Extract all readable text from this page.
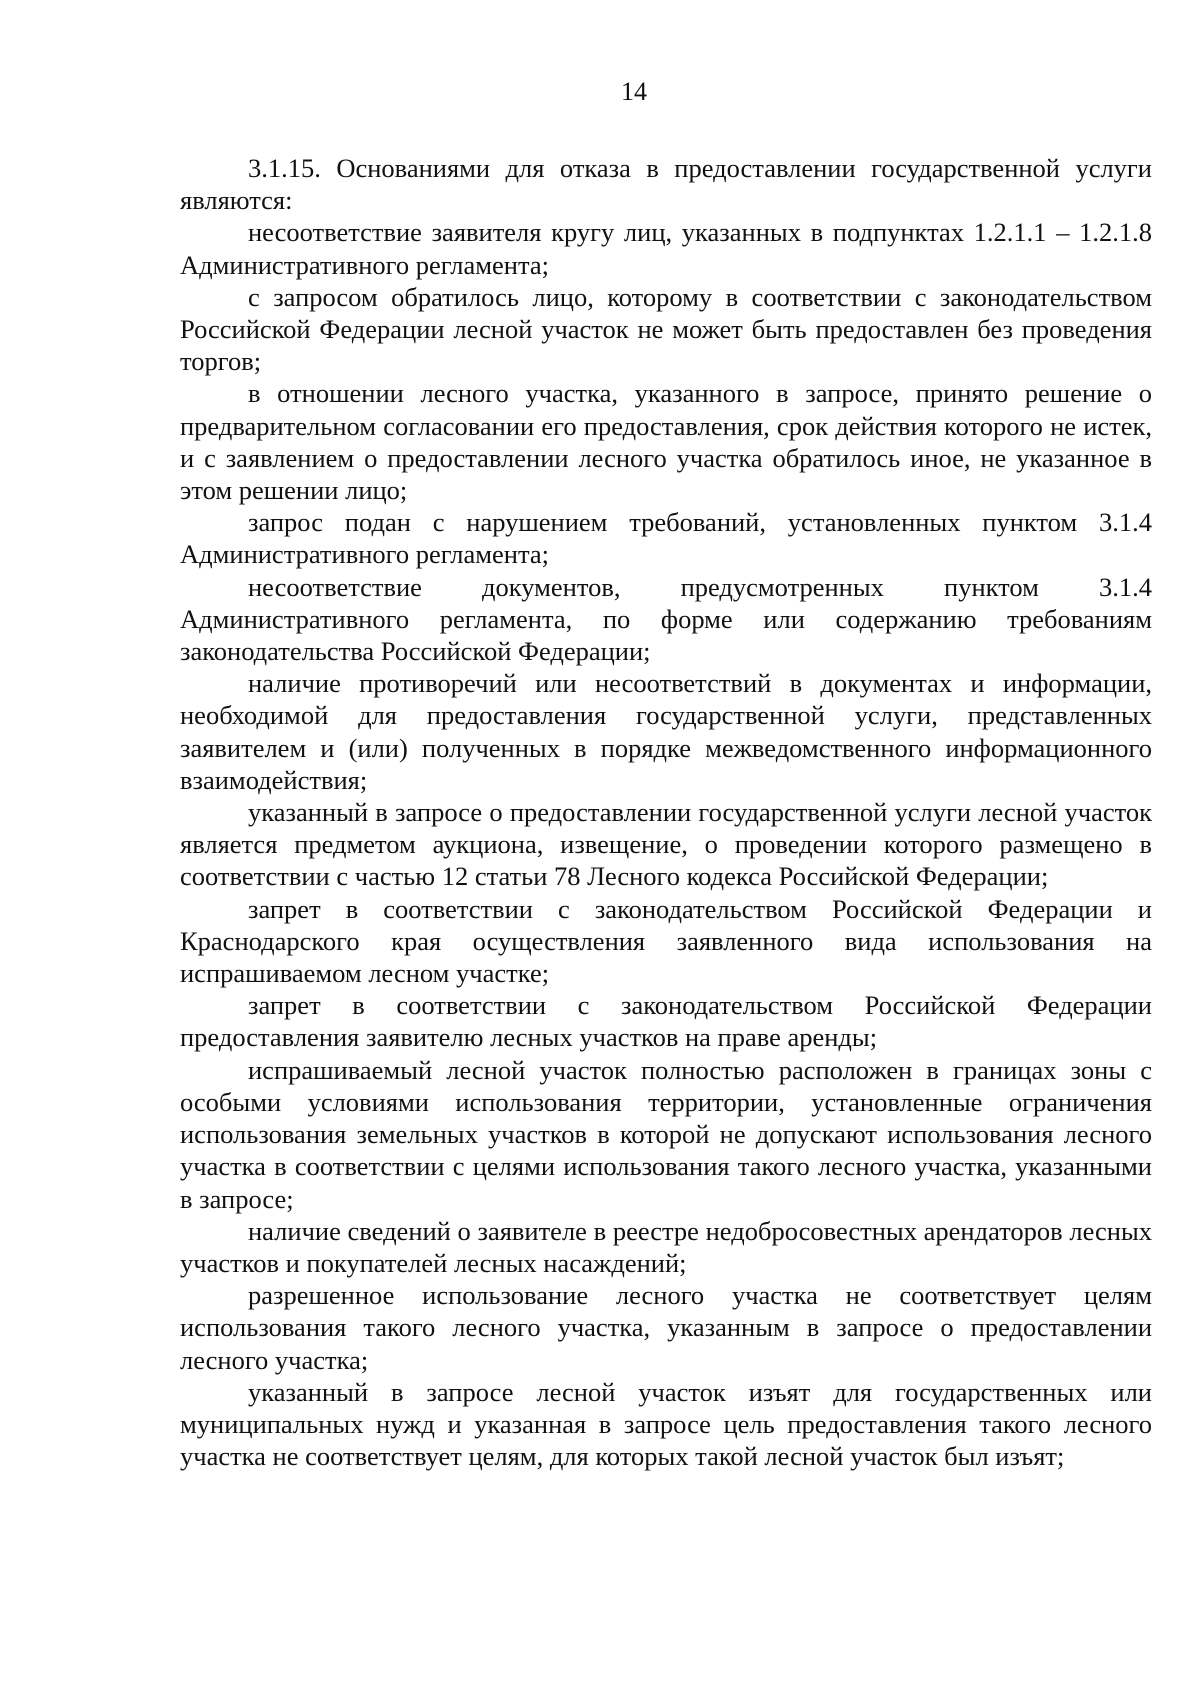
14

3.1.15. Основаниями для отказа в предоставлении государственной услуги являются:

несоответствие заявителя кругу лиц, указанных в подпунктах 1.2.1.1 – 1.2.1.8 Административного регламента;

с запросом обратилось лицо, которому в соответствии с законодательством Российской Федерации лесной участок не может быть предоставлен без проведения торгов;

в отношении лесного участка, указанного в запросе, принято решение о предварительном согласовании его предоставления, срок действия которого не истек, и с заявлением о предоставлении лесного участка обратилось иное, не указанное в этом решении лицо;

запрос подан с нарушением требований, установленных пунктом 3.1.4 Административного регламента;

несоответствие документов, предусмотренных пунктом 3.1.4 Административного регламента, по форме или содержанию требованиям законодательства Российской Федерации;

наличие противоречий или несоответствий в документах и информации, необходимой для предоставления государственной услуги, представленных заявителем и (или) полученных в порядке межведомственного информационного взаимодействия;

указанный в запросе о предоставлении государственной услуги лесной участок является предметом аукциона, извещение, о проведении которого размещено в соответствии с частью 12 статьи 78 Лесного кодекса Российской Федерации;

запрет в соответствии с законодательством Российской Федерации и Краснодарского края осуществления заявленного вида использования на испрашиваемом лесном участке;

запрет в соответствии с законодательством Российской Федерации предоставления заявителю лесных участков на праве аренды;

испрашиваемый лесной участок полностью расположен в границах зоны с особыми условиями использования территории, установленные ограничения использования земельных участков в которой не допускают использования лесного участка в соответствии с целями использования такого лесного участка, указанными в запросе;

наличие сведений о заявителе в реестре недобросовестных арендаторов лесных участков и покупателей лесных насаждений;

разрешенное использование лесного участка не соответствует целям использования такого лесного участка, указанным в запросе о предоставлении лесного участка;

указанный в запросе лесной участок изъят для государственных или муниципальных нужд и указанная в запросе цель предоставления такого лесного участка не соответствует целям, для которых такой лесной участок был изъят;
